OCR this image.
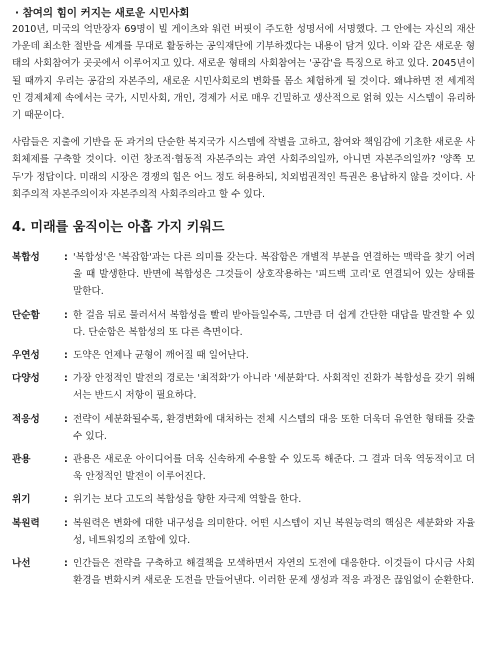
· 참여의 힘이 커지는 새로운 시민사회

2010년, 미국의 억만장자 69명이 빌 게이츠와 워런 버핏이 주도한 성명서에 서명했다. 그 안에는 자신의 재산 가운데 최소한 절반을 세계를 무대로 활동하는 공익재단에 기부하겠다는 내용이 담겨 있다. 이와 같은 새로운 형태의 사회참여가 곳곳에서 이루어지고 있다. 새로운 형태의 사회참여는 '공감'을 특징으로 하고 있다. 2045년이 될 때까지 우리는 공감의 자본주의, 새로운 시민사회로의 변화를 몸소 체험하게 될 것이다. 왜냐하면 전 세계적인 경제체제 속에서는 국가, 시민사회, 개인, 경제가 서로 매우 긴밀하고 생산적으로 얽혀 있는 시스템이 유리하기 때문이다.

사람들은 지출에 기반을 둔 과거의 단순한 복지국가 시스템에 작별을 고하고, 참여와 책임감에 기초한 새로운 사회체제를 구축할 것이다. 이런 창조적·협동적 자본주의는 과연 사회주의일까, 아니면 자본주의일까? '양쪽 모두'가 정답이다. 미래의 시장은 경쟁의 힘은 어느 정도 허용하되, 치외법권적인 특권은 용납하지 않을 것이다. 사회주의적 자본주의이자 자본주의적 사회주의라고 할 수 있다.

4. 미래를 움직이는 아홉 가지 키워드
복합성	: '복합성'은 '복잡함'과는 다른 의미를 갖는다. 복잡함은 개별적 부분을 연결하는 맥락을 찾기 어려울 때 발생한다. 반면에 복합성은 그것들이 상호작용하는 '피드백 고리'로 연결되어 있는 상태를 말한다.
단순함	: 한 걸음 뒤로 물러서서 복합성을 빨리 받아들일수록, 그만큼 더 쉽게 간단한 대답을 발견할 수 있다. 단순함은 복합성의 또 다른 측면이다.
우연성	: 도약은 언제나 균형이 깨어질 때 일어난다.
다양성	: 가장 안정적인 발전의 경로는 '최적화'가 아니라 '세분화'다. 사회적인 진화가 복합성을 갖기 위해서는 반드시 저항이 필요하다.
적응성	: 전략이 세분화될수록, 환경변화에 대처하는 전체 시스템의 대응 또한 더욱더 유연한 형태를 갖출 수 있다.
관용	: 관용은 새로운 아이디어를 더욱 신속하게 수용할 수 있도록 해준다. 그 결과 더욱 역동적이고 더욱 안정적인 발전이 이루어진다.
위기	: 위기는 보다 고도의 복합성을 향한 자극제 역할을 한다.
복원력	: 복원력은 변화에 대한 내구성을 의미한다. 어떤 시스템이 지닌 복원능력의 핵심은 세분화와 자율성, 네트워킹의 조합에 있다.
나선	: 인간들은 전략을 구축하고 해결책을 모색하면서 자연의 도전에 대응한다. 이것들이 다시금 사회 환경을 변화시켜 새로운 도전을 만들어낸다. 이러한 문제 생성과 적응 과정은 끊임없이 순환한다.
